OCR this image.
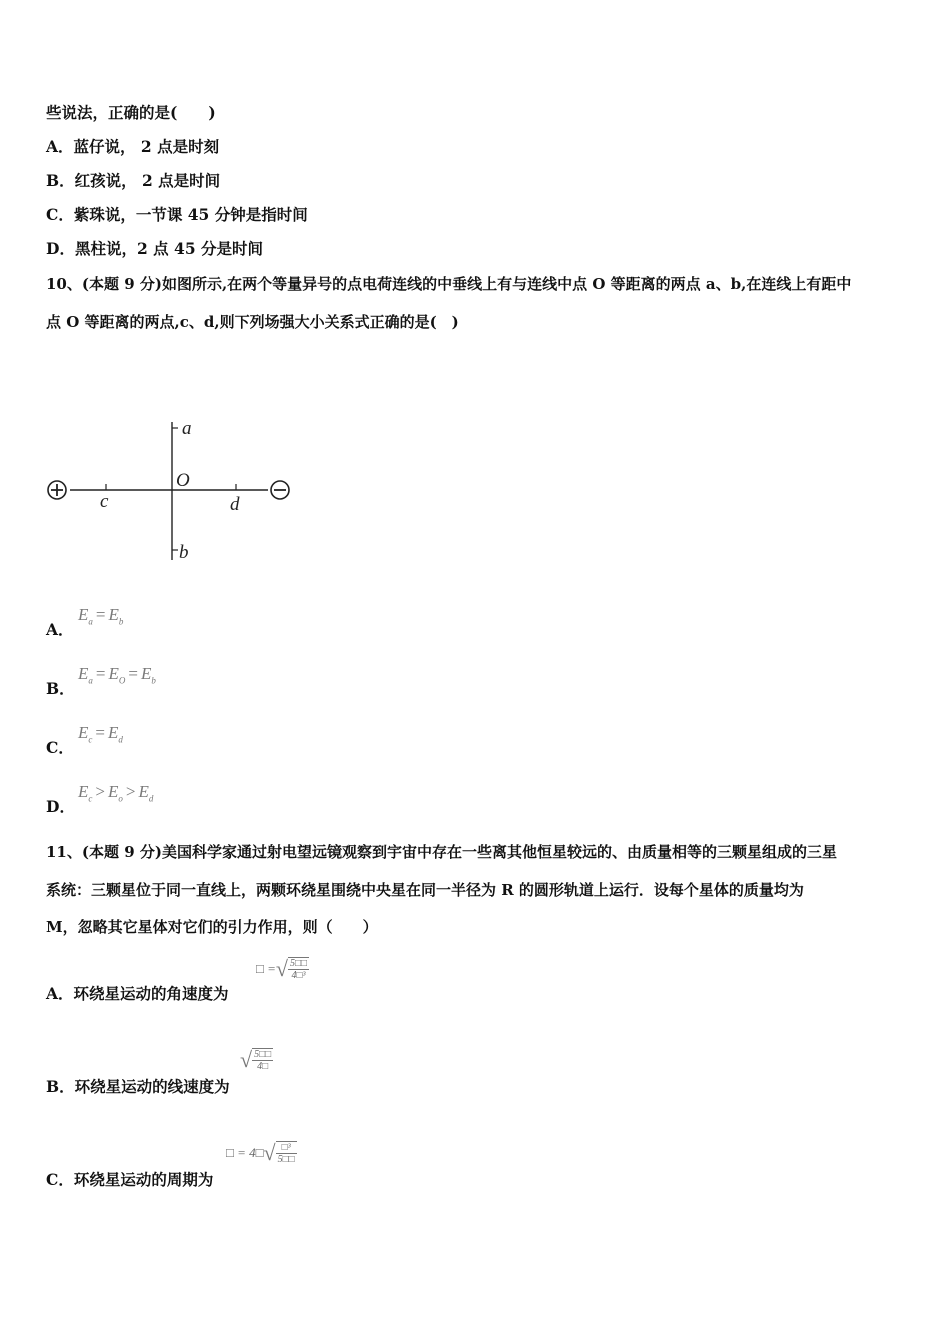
些说法，正确的是(　　)
A．蓝仔说， 2 点是时刻
B．红孩说， 2 点是时间
C．紫珠说，一节课 45 分钟是指时间
D．黑柱说，2 点 45 分是时间
10、(本题 9 分)如图所示,在两个等量异号的点电荷连线的中垂线上有与连线中点 O 等距离的两点 a、b,在连线上有距中
点 O 等距离的两点,c、d,则下列场强大小关系式正确的是(　)
a
O
c	d
b
A．
$E_a = E_b$
B．
$E_a = E_O = E_b$
C．
$E_c = E_d$
D．
$E_c > E_o > E_d$
11、(本题 9 分)美国科学家通过射电望远镜观察到宇宙中存在一些离其他恒星较远的、由质量相等的三颗星组成的三星
系统：三颗星位于同一直线上，两颗环绕星围绕中央星在同一半径为 R 的圆形轨道上运行．设每个星体的质量均为
M，忽略其它星体对它们的引力作用，则（　　）
A．环绕星运动的角速度为
□ =√ $\frac{5□□}{\text{4□³}}$
B．环绕星运动的线速度为
√ $\frac{5□□}{4□}$
C．环绕星运动的周期为
□ = 4□√ $\frac{\text{□³}}{5□□}$
